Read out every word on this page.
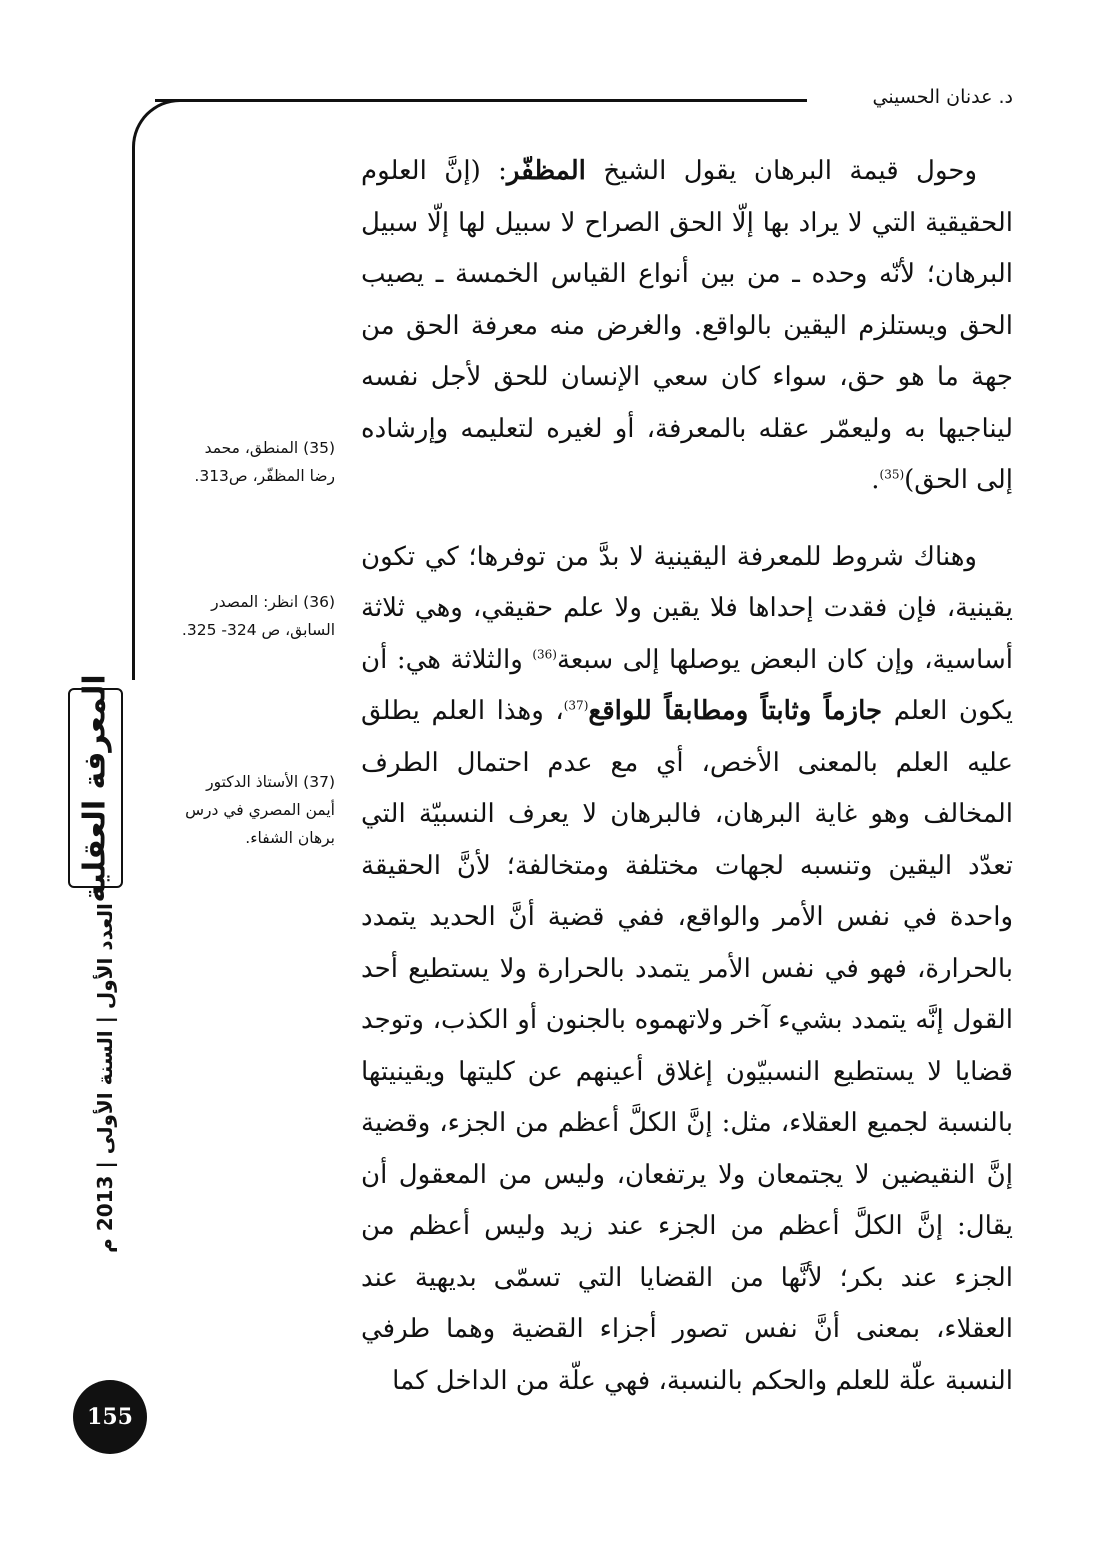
د. عدنان الحسيني

وحول قيمة البرهان يقول الشيخ المظفّر: (إنَّ العلوم الحقيقية التي لا يراد بها إلّا الحق الصراح لا سبيل لها إلّا سبيل البرهان؛ لأنّه وحده ـ من بين أنواع القياس الخمسة ـ يصيب الحق ويستلزم اليقين بالواقع. والغرض منه معرفة الحق من جهة ما هو حق، سواء كان سعي الإنسان للحق لأجل نفسه ليناجيها به وليعمّر عقله بالمعرفة، أو لغيره لتعليمه وإرشاده إلى الحق)$^{(35)}$.

وهناك شروط للمعرفة اليقينية لا بدَّ من توفرها؛ كي تكون يقينية، فإن فقدت إحداها فلا يقين ولا علم حقيقي، وهي ثلاثة أساسية، وإن كان البعض يوصلها إلى سبعة$^{(36)}$ والثلاثة هي: أن يكون العلم جازماً وثابتاً ومطابقاً للواقع$^{(37)}$، وهذا العلم يطلق عليه العلم بالمعنى الأخص، أي مع عدم احتمال الطرف المخالف وهو غاية البرهان، فالبرهان لا يعرف النسبيّة التي تعدّد اليقين وتنسبه لجهات مختلفة ومتخالفة؛ لأنَّ الحقيقة واحدة في نفس الأمر والواقع، ففي قضية أنَّ الحديد يتمدد بالحرارة، فهو في نفس الأمر يتمدد بالحرارة ولا يستطيع أحد القول إنَّه يتمدد بشيء آخر ولاتهموه بالجنون أو الكذب، وتوجد قضايا لا يستطيع النسبيّون إغلاق أعينهم عن كليتها ويقينيتها بالنسبة لجميع العقلاء، مثل: إنَّ الكلَّ أعظم من الجزء، وقضية إنَّ النقيضين لا يجتمعان ولا يرتفعان، وليس من المعقول أن يقال: إنَّ الكلَّ أعظم من الجزء عند زيد وليس أعظم من الجزء عند بكر؛ لأنَّها من القضايا التي تسمّى بديهية عند العقلاء، بمعنى أنَّ نفس تصور أجزاء القضية وهما طرفي النسبة علّة للعلم والحكم بالنسبة، فهي علّة من الداخل كما

(35) المنطق، محمد
رضا المظفّر، ص313.
(36) انظر: المصدر
السابق، ص 324- 325.
(37) الأستاذ الدكتور
أيمن المصري في درس
برهان الشفاء.
المعرفة العقلية
العدد الأول | السنة الأولى | 2013 م
155
